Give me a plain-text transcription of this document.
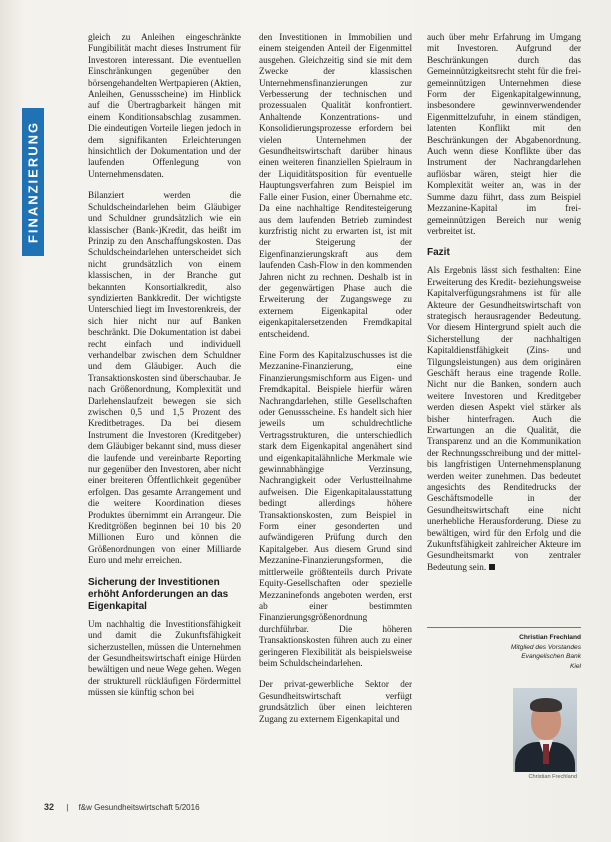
FINANZIERUNG

gleich zu Anleihen eingeschränkte Fungibilität macht dieses Instrument für Investoren interessant. Die eventuellen Einschränkungen gegenüber den börsengehandelten Wertpapieren (Aktien, Anleihen, Genussscheine) im Hinblick auf die Übertragbarkeit hängen mit einem Konditionsabschlag zusammen. Die eindeutigen Vorteile liegen jedoch in dem signifikanten Erleichterungen hinsichtlich der Dokumentation und der laufenden Offenlegung von Unternehmensdaten.

Bilanziert werden die Schuldscheindarlehen beim Gläubiger und Schuldner grundsätzlich wie ein klassischer (Bank-)Kredit, das heißt im Prinzip zu den Anschaffungskosten. Das Schuldscheindarlehen unterscheidet sich nicht grundsätzlich von einem klassischen, in der Branche gut bekannten Konsortialkredit, also syndizierten Bankkredit. Der wichtigste Unterschied liegt im Investorenkreis, der sich hier nicht nur auf Banken beschränkt. Die Dokumentation ist dabei recht einfach und individuell verhandelbar zwischen dem Schuldner und dem Gläubiger. Auch die Transaktionskosten sind überschaubar. Je nach Größenordnung, Komplexität und Darlehenslaufzeit bewegen sie sich zwischen 0,5 und 1,5 Prozent des Kreditbetrages. Da bei diesem Instrument die Investoren (Kreditgeber) dem Gläubiger bekannt sind, muss dieser die laufende und vereinbarte Reporting nur gegenüber den Investoren, aber nicht einer breiteren Öffentlichkeit gegenüber erfolgen. Das gesamte Arrangement und die weitere Koordination dieses Produktes übernimmt ein Arrangeur. Die Kreditgrößen beginnen bei 10 bis 20 Millionen Euro und können die Größenordnungen von einer Milliarde Euro und mehr erreichen.

Sicherung der Investitionen erhöht Anforderungen an das Eigenkapital

Um nachhaltig die Investitionsfähigkeit und damit die Zukunftsfähigkeit sicherzustellen, müssen die Unternehmen der Gesundheitswirtschaft einige Hürden bewältigen und neue Wege gehen. Wegen der strukturell rückläufigen Fördermittel müssen sie künftig schon bei

den Investitionen in Immobilien und einem steigenden Anteil der Eigenmittel ausgehen. Gleichzeitig sind sie mit dem Zwecke der klassischen Unternehmensfinanzierungen zur Verbesserung der technischen und prozessualen Qualität konfrontiert. Anhaltende Konzentrations- und Konsolidierungsprozesse erfordern bei vielen Unternehmen der Gesundheitswirtschaft darüber hinaus einen weiteren finanziellen Spielraum in der Liquiditätsposition für eventuelle Hauptungsverfahren zum Beispiel im Falle einer Fusion, einer Übernahme etc. Da eine nachhaltige Renditesteigerung aus dem laufenden Betrieb zumindest kurzfristig nicht zu erwarten ist, ist mit der Steigerung der Eigenfinanzierungskraft aus dem laufenden Cash-Flow in den kommenden Jahren nicht zu rechnen. Deshalb ist in der gegenwärtigen Phase auch die Erweiterung der Zugangswege zu externem Eigenkapital oder eigenkapitalersetzenden Fremdkapital entscheidend.

Eine Form des Kapitalzuschusses ist die Mezzanine-Finanzierung, eine Finanzierungsmischform aus Eigen- und Fremdkapital. Beispiele hierfür wären Nachrangdarlehen, stille Gesellschaften oder Genussscheine. Es handelt sich hier jeweils um schuldrechtliche Vertragsstrukturen, die unterschiedlich stark dem Eigenkapital angenähert sind und eigenkapitalähnliche Merkmale wie gewinnabhängige Verzinsung, Nachrangigkeit oder Verlustteilnahme aufweisen. Die Eigenkapitalausstattung bedingt allerdings höhere Transaktionskosten, zum Beispiel in Form einer gesonderten und aufwändigeren Prüfung durch den Kapitalgeber. Aus diesem Grund sind Mezzanine-Finanzierungsformen, die mittlerweile größtenteils durch Private Equity-Gesellschaften oder spezielle Mezzaninefonds angeboten werden, erst ab einer bestimmten Finanzierungsgrößenordnung durchführbar. Die höheren Transaktionskosten führen auch zu einer geringeren Flexibilität als beispielsweise beim Schuldscheindarlehen.

Der privat-gewerbliche Sektor der Gesundheitswirtschaft verfügt grundsätzlich über einen leichteren Zugang zu externem Eigenkapital und

auch über mehr Erfahrung im Umgang mit Investoren. Aufgrund der Beschränkungen durch das Gemeinnützigkeitsrecht steht für die frei-gemeinnützigen Unternehmen diese Form der Eigenkapitalgewinnung, insbesondere gewinnverwendender Eigenmittelzufuhr, in einem ständigen, latenten Konflikt mit den Beschränkungen der Abgabenordnung. Auch wenn diese Konflikte über das Instrument der Nachrangdarlehen auflösbar wären, steigt hier die Komplexität weiter an, was in der Summe dazu führt, dass zum Beispiel Mezzanine-Kapital im frei-gemeinnützigen Bereich nur wenig verbreitet ist.

Fazit

Als Ergebnis lässt sich festhalten: Eine Erweiterung des Kredit- beziehungsweise Kapitalverfügungsrahmens ist für alle Akteure der Gesundheitswirtschaft von strategisch herausragender Bedeutung. Vor diesem Hintergrund spielt auch die Sicherstellung der nachhaltigen Kapitaldienstfähigkeit (Zins- und Tilgungsleistungen) aus dem originären Geschäft heraus eine tragende Rolle. Nicht nur die Banken, sondern auch weitere Investoren und Kreditgeber werden diesen Aspekt viel stärker als bisher hinterfragen. Auch die Erwartungen an die Qualität, die Transparenz und an die Kommunikation der Rechnungsschreibung und der mittel- bis langfristigen Unternehmensplanung werden weiter zunehmen. Das bedeutet angesichts des Renditedrucks der Geschäftsmodelle in der Gesundheitswirtschaft eine nicht unerhebliche Herausforderung. Diese zu bewältigen, wird für den Erfolg und die Zukunftsfähigkeit zahlreicher Akteure im Gesundheitsmarkt von zentraler Bedeutung sein.

Christian Frechland
Mitglied des Vorstandes
Evangelischen Bank
Kiel
Christian Frechland
32 | f&w Gesundheitswirtschaft 5/2016
